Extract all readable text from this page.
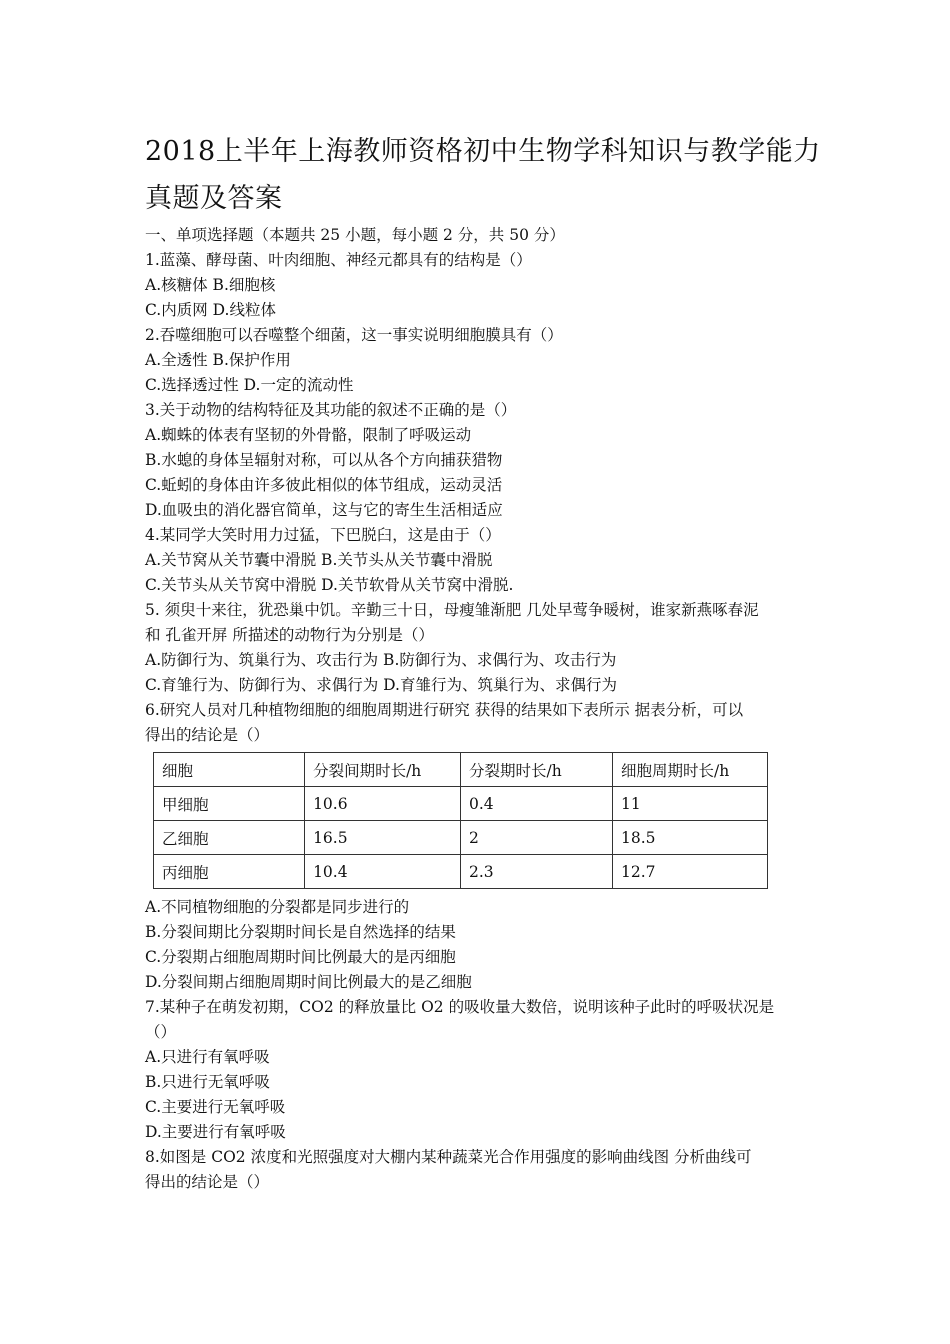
2018上半年上海教师资格初中生物学科知识与教学能力真题及答案
一、单项选择题（本题共 25 小题，每小题 2 分，共 50 分）
1.蓝藻、酵母菌、叶肉细胞、神经元都具有的结构是（）
A.核糖体 B.细胞核
C.内质网 D.线粒体
2.吞噬细胞可以吞噬整个细菌，这一事实说明细胞膜具有（）
A.全透性 B.保护作用
C.选择透过性 D.一定的流动性
3.关于动物的结构特征及其功能的叙述不正确的是（）
A.蜘蛛的体表有坚韧的外骨骼，限制了呼吸运动
B.水螅的身体呈辐射对称，可以从各个方向捕获猎物
C.蚯蚓的身体由许多彼此相似的体节组成，运动灵活
D.血吸虫的消化器官简单，这与它的寄生生活相适应
4.某同学大笑时用力过猛，下巴脱臼，这是由于（）
A.关节窝从关节囊中滑脱 B.关节头从关节囊中滑脱
C.关节头从关节窝中滑脱 D.关节软骨从关节窝中滑脱.
5. 须臾十来往，犹恐巢中饥。辛勤三十日，母瘦雏渐肥 几处早莺争暖树，谁家新燕啄春泥
和 孔雀开屏 所描述的动物行为分别是（）
A.防御行为、筑巢行为、攻击行为 B.防御行为、求偶行为、攻击行为
C.育雏行为、防御行为、求偶行为 D.育雏行为、筑巢行为、求偶行为
6.研究人员对几种植物细胞的细胞周期进行研究 获得的结果如下表所示 据表分析，可以
得出的结论是（）
细胞	分裂间期时长/h	分裂期时长/h	细胞周期时长/h
甲细胞	10.6	0.4	11
乙细胞	16.5	2	18.5
丙细胞	10.4	2.3	12.7
A.不同植物细胞的分裂都是同步进行的
B.分裂间期比分裂期时间长是自然选择的结果
C.分裂期占细胞周期时间比例最大的是丙细胞
D.分裂间期占细胞周期时间比例最大的是乙细胞
7.某种子在萌发初期，CO2 的释放量比 O2 的吸收量大数倍，说明该种子此时的呼吸状况是
（）
A.只进行有氧呼吸
B.只进行无氧呼吸
C.主要进行无氧呼吸
D.主要进行有氧呼吸
8.如图是 CO2 浓度和光照强度对大棚内某种蔬菜光合作用强度的影响曲线图 分析曲线可
得出的结论是（）
